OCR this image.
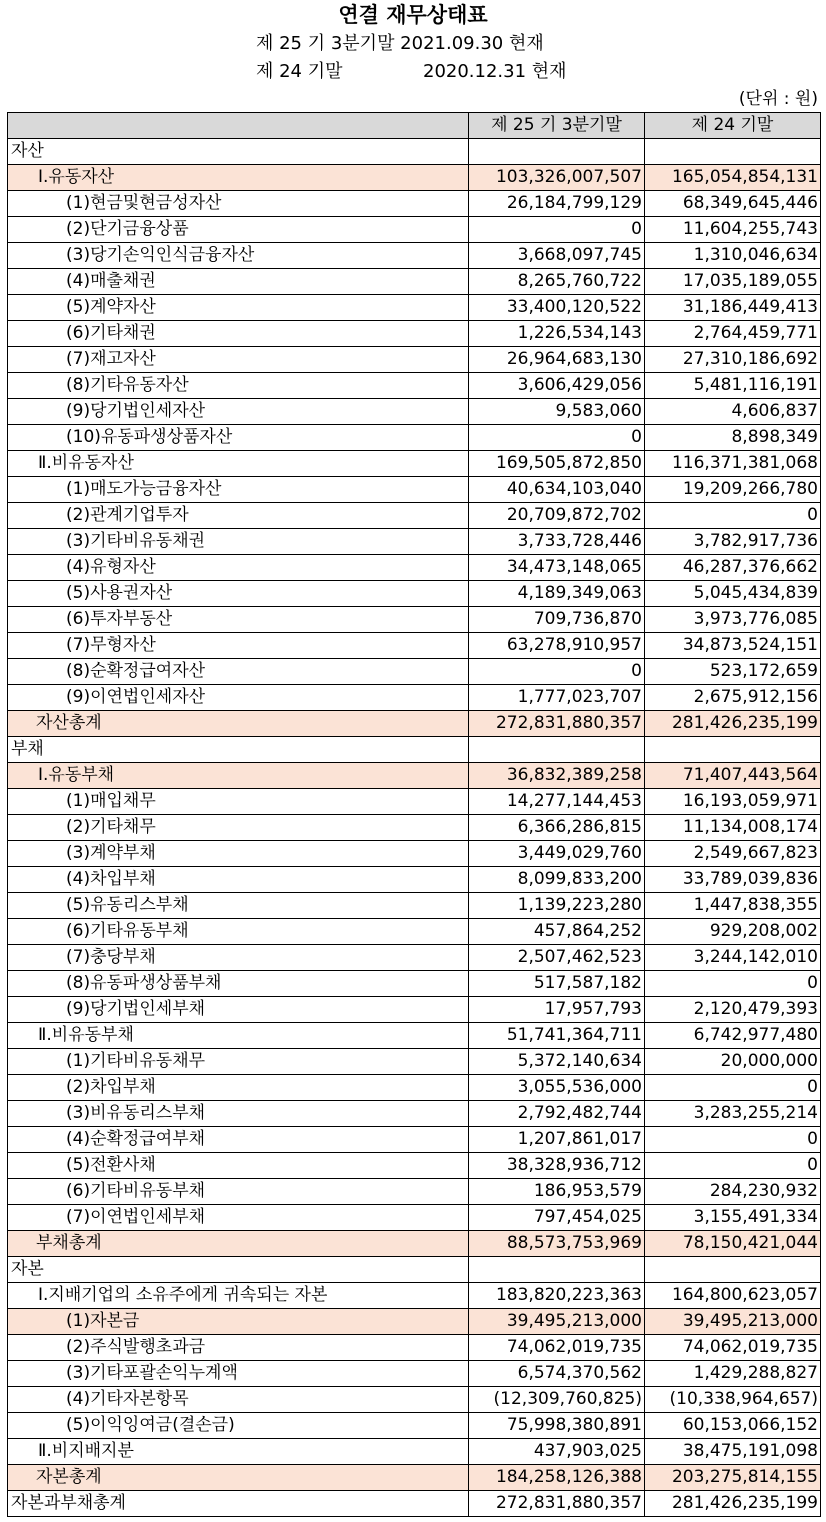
연결 재무상태표
제 25 기 3분기말 2021.09.30 현재
제 24 기말	2020.12.31 현재
(단위 : 원)
	제 25 기 3분기말	제 24 기말
자산		
Ⅰ.유동자산	103,326,007,507	165,054,854,131
(1)현금및현금성자산	26,184,799,129	68,349,645,446
(2)단기금융상품	0	11,604,255,743
(3)당기손익인식금융자산	3,668,097,745	1,310,046,634
(4)매출채권	8,265,760,722	17,035,189,055
(5)계약자산	33,400,120,522	31,186,449,413
(6)기타채권	1,226,534,143	2,764,459,771
(7)재고자산	26,964,683,130	27,310,186,692
(8)기타유동자산	3,606,429,056	5,481,116,191
(9)당기법인세자산	9,583,060	4,606,837
(10)유동파생상품자산	0	8,898,349
Ⅱ.비유동자산	169,505,872,850	116,371,381,068
(1)매도가능금융자산	40,634,103,040	19,209,266,780
(2)관계기업투자	20,709,872,702	0
(3)기타비유동채권	3,733,728,446	3,782,917,736
(4)유형자산	34,473,148,065	46,287,376,662
(5)사용권자산	4,189,349,063	5,045,434,839
(6)투자부동산	709,736,870	3,973,776,085
(7)무형자산	63,278,910,957	34,873,524,151
(8)순확정급여자산	0	523,172,659
(9)이연법인세자산	1,777,023,707	2,675,912,156
자산총계	272,831,880,357	281,426,235,199
부채		
Ⅰ.유동부채	36,832,389,258	71,407,443,564
(1)매입채무	14,277,144,453	16,193,059,971
(2)기타채무	6,366,286,815	11,134,008,174
(3)계약부채	3,449,029,760	2,549,667,823
(4)차입부채	8,099,833,200	33,789,039,836
(5)유동리스부채	1,139,223,280	1,447,838,355
(6)기타유동부채	457,864,252	929,208,002
(7)충당부채	2,507,462,523	3,244,142,010
(8)유동파생상품부채	517,587,182	0
(9)당기법인세부채	17,957,793	2,120,479,393
Ⅱ.비유동부채	51,741,364,711	6,742,977,480
(1)기타비유동채무	5,372,140,634	20,000,000
(2)차입부채	3,055,536,000	0
(3)비유동리스부채	2,792,482,744	3,283,255,214
(4)순확정급여부채	1,207,861,017	0
(5)전환사채	38,328,936,712	0
(6)기타비유동부채	186,953,579	284,230,932
(7)이연법인세부채	797,454,025	3,155,491,334
부채총계	88,573,753,969	78,150,421,044
자본		
Ⅰ.지배기업의 소유주에게 귀속되는 자본	183,820,223,363	164,800,623,057
(1)자본금	39,495,213,000	39,495,213,000
(2)주식발행초과금	74,062,019,735	74,062,019,735
(3)기타포괄손익누계액	6,574,370,562	1,429,288,827
(4)기타자본항목	(12,309,760,825)	(10,338,964,657)
(5)이익잉여금(결손금)	75,998,380,891	60,153,066,152
Ⅱ.비지배지분	437,903,025	38,475,191,098
자본총계	184,258,126,388	203,275,814,155
자본과부채총계	272,831,880,357	281,426,235,199
